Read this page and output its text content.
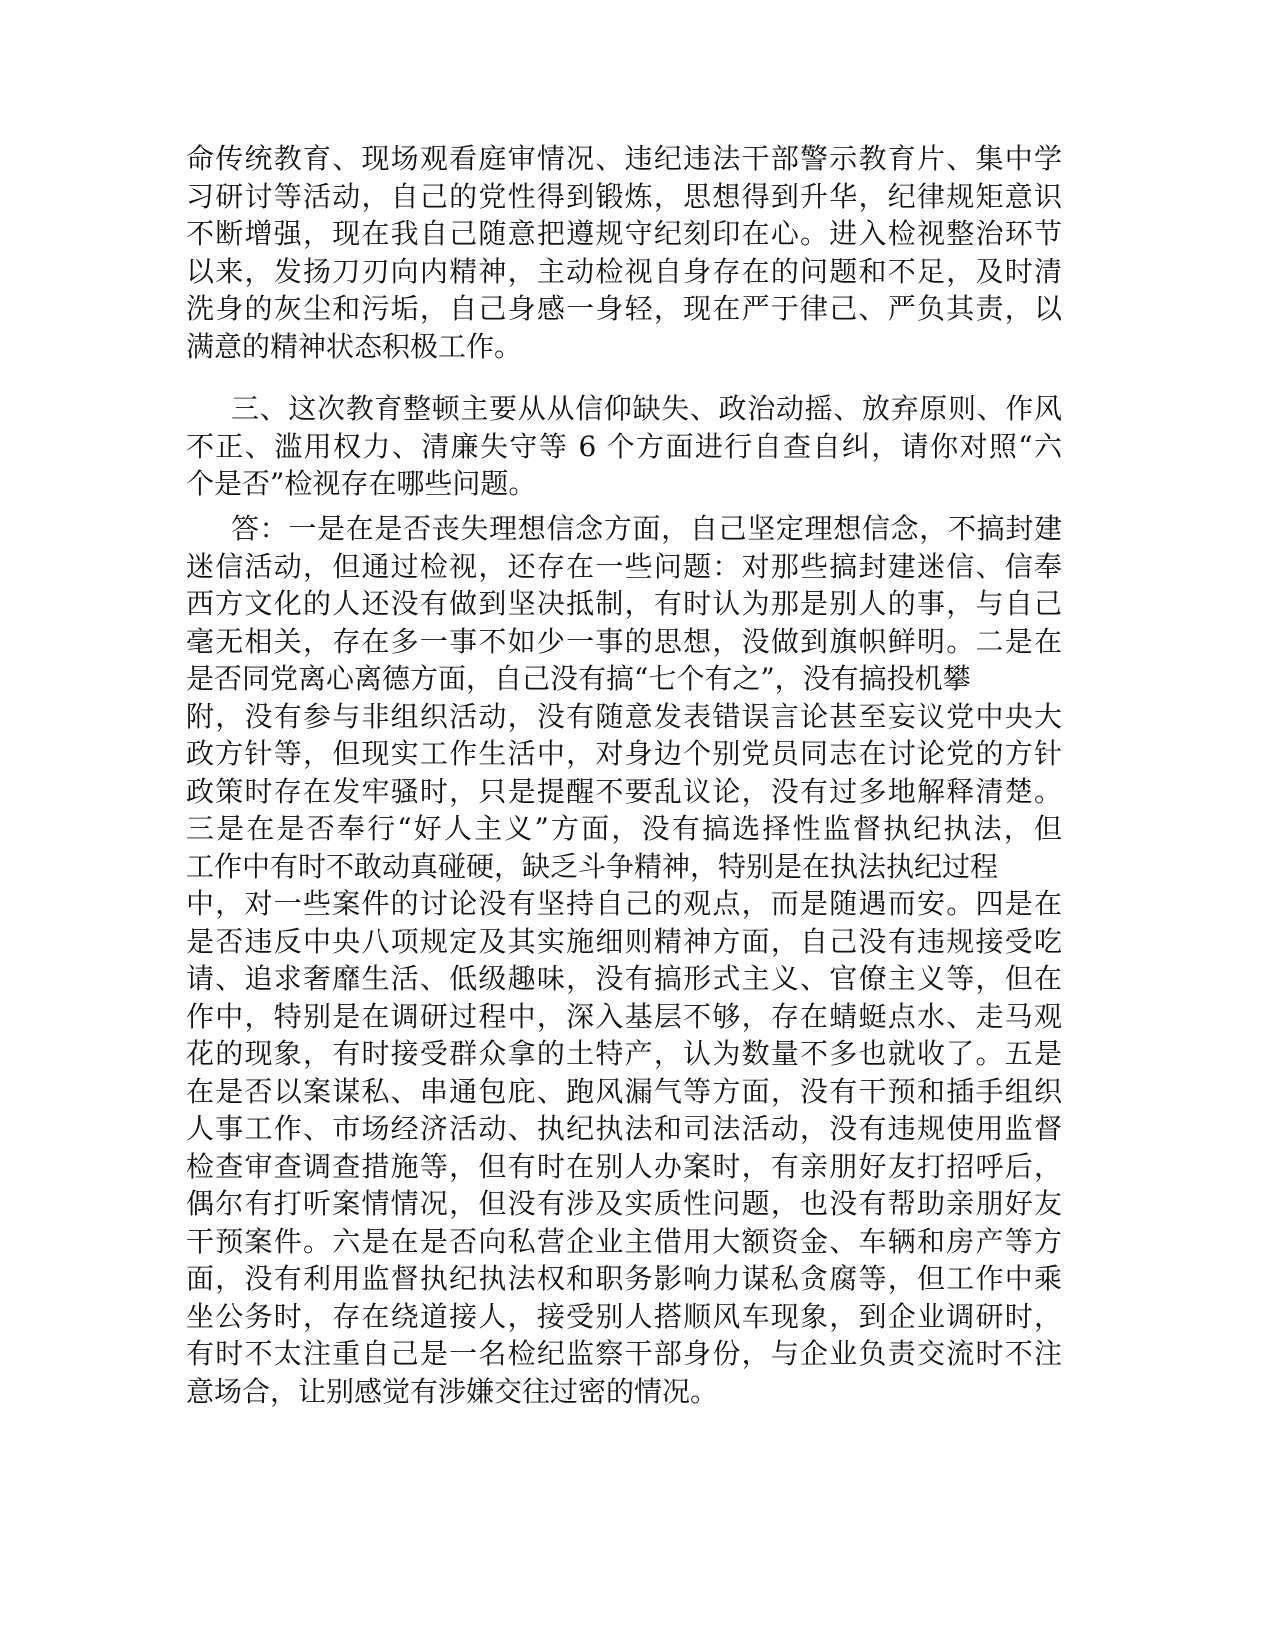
命传统教育、现场观看庭审情况、违纪违法干部警示教育片、集中学
习研讨等活动，自己的党性得到锻炼，思想得到升华，纪律规矩意识
不断增强，现在我自己随意把遵规守纪刻印在心。进入检视整治环节
以来，发扬刀刃向内精神，主动检视自身存在的问题和不足，及时清
洗身的灰尘和污垢，自己身感一身轻，现在严于律己、严负其责，以
满意的精神状态积极工作。
三、这次教育整顿主要从从信仰缺失、政治动摇、放弃原则、作风
不正、滥用权力、清廉失守等 6 个方面进行自查自纠，请你对照“六
个是否”检视存在哪些问题。
答：一是在是否丧失理想信念方面，自己坚定理想信念，不搞封建
迷信活动，但通过检视，还存在一些问题：对那些搞封建迷信、信奉
西方文化的人还没有做到坚决抵制，有时认为那是别人的事，与自己
毫无相关，存在多一事不如少一事的思想，没做到旗帜鲜明。二是在
是否同党离心离德方面，自己没有搞“七个有之”，没有搞投机攀
附，没有参与非组织活动，没有随意发表错误言论甚至妄议党中央大
政方针等，但现实工作生活中，对身边个别党员同志在讨论党的方针
政策时存在发牢骚时，只是提醒不要乱议论，没有过多地解释清楚。
三是在是否奉行“好人主义”方面，没有搞选择性监督执纪执法，但
工作中有时不敢动真碰硬，缺乏斗争精神，特别是在执法执纪过程
中，对一些案件的讨论没有坚持自己的观点，而是随遇而安。四是在
是否违反中央八项规定及其实施细则精神方面，自己没有违规接受吃
请、追求奢靡生活、低级趣味，没有搞形式主义、官僚主义等，但在
作中，特别是在调研过程中，深入基层不够，存在蜻蜓点水、走马观
花的现象，有时接受群众拿的土特产，认为数量不多也就收了。五是
在是否以案谋私、串通包庇、跑风漏气等方面，没有干预和插手组织
人事工作、市场经济活动、执纪执法和司法活动，没有违规使用监督
检查审查调查措施等，但有时在别人办案时，有亲朋好友打招呼后，
偶尔有打听案情情况，但没有涉及实质性问题，也没有帮助亲朋好友
干预案件。六是在是否向私营企业主借用大额资金、车辆和房产等方
面，没有利用监督执纪执法权和职务影响力谋私贪腐等，但工作中乘
坐公务时，存在绕道接人，接受别人搭顺风车现象，到企业调研时，
有时不太注重自己是一名检纪监察干部身份，与企业负责交流时不注
意场合，让别感觉有涉嫌交往过密的情况。
